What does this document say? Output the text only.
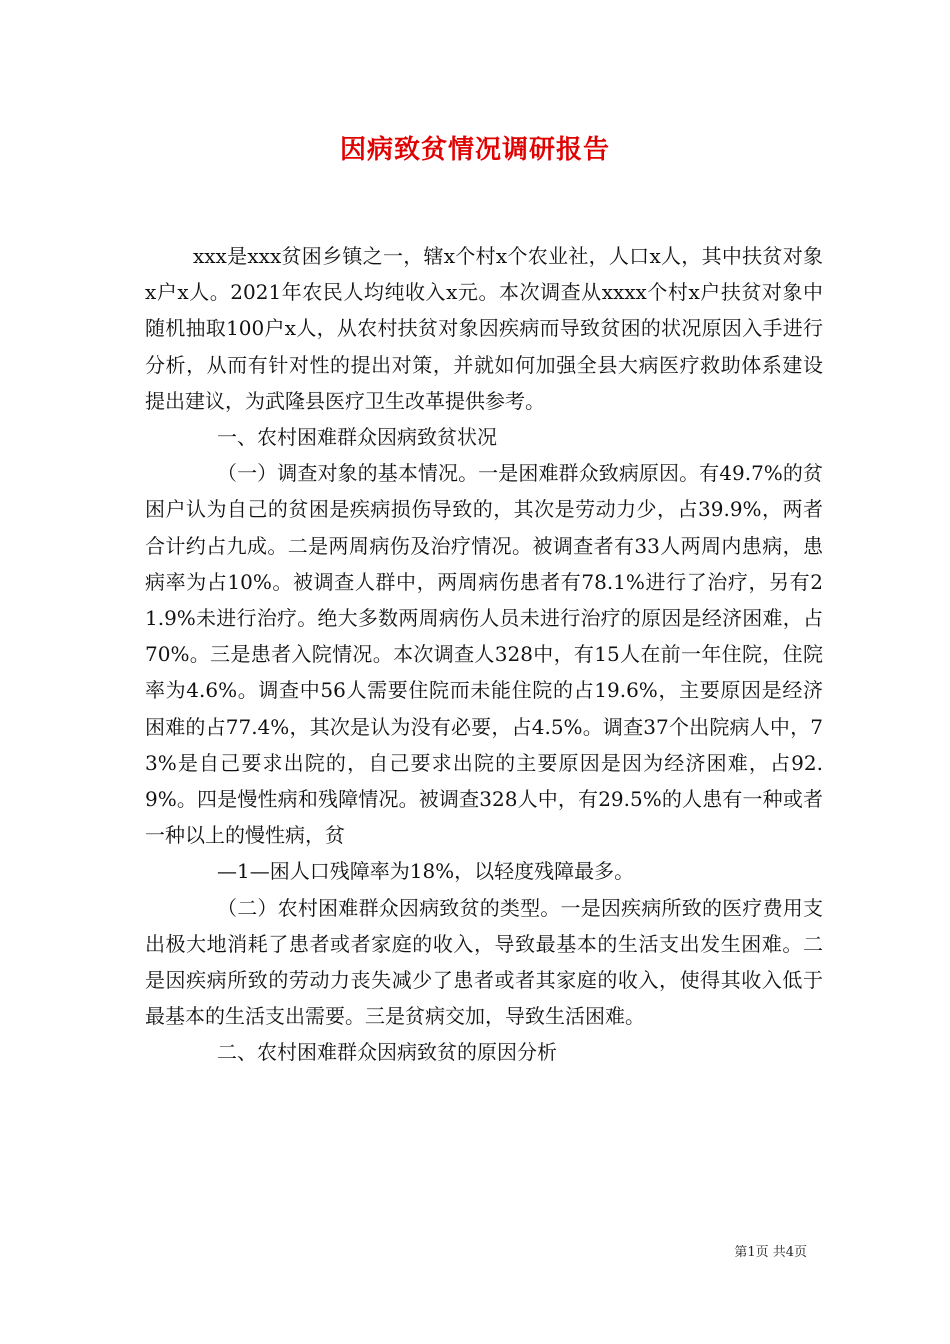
因病致贫情况调研报告

xxx是xxx贫困乡镇之一，辖x个村x个农业社，人口x人，其中扶贫对象x户x人。2021年农民人均纯收入x元。本次调查从xxxx个村x户扶贫对象中随机抽取100户x人，从农村扶贫对象因疾病而导致贫困的状况原因入手进行分析，从而有针对性的提出对策，并就如何加强全县大病医疗救助体系建设提出建议，为武隆县医疗卫生改革提供参考。

一、农村困难群众因病致贫状况

（一）调查对象的基本情况。一是困难群众致病原因。有49.7%的贫困户认为自己的贫困是疾病损伤导致的，其次是劳动力少，占39.9%，两者合计约占九成。二是两周病伤及治疗情况。被调查者有33人两周内患病，患病率为占10%。被调查人群中，两周病伤患者有78.1%进行了治疗，另有21.9%未进行治疗。绝大多数两周病伤人员未进行治疗的原因是经济困难，占70%。三是患者入院情况。本次调查人328中，有15人在前一年住院，住院率为4.6%。调查中56人需要住院而未能住院的占19.6%，主要原因是经济困难的占77.4%，其次是认为没有必要，占4.5%。调查37个出院病人中，73%是自己要求出院的，自己要求出院的主要原因是因为经济困难，占92.9%。四是慢性病和残障情况。被调查328人中，有29.5%的人患有一种或者一种以上的慢性病，贫

—1—困人口残障率为18%，以轻度残障最多。

（二）农村困难群众因病致贫的类型。一是因疾病所致的医疗费用支出极大地消耗了患者或者家庭的收入，导致最基本的生活支出发生困难。二是因疾病所致的劳动力丧失减少了患者或者其家庭的收入，使得其收入低于最基本的生活支出需要。三是贫病交加，导致生活困难。

二、农村困难群众因病致贫的原因分析

第1页 共4页
